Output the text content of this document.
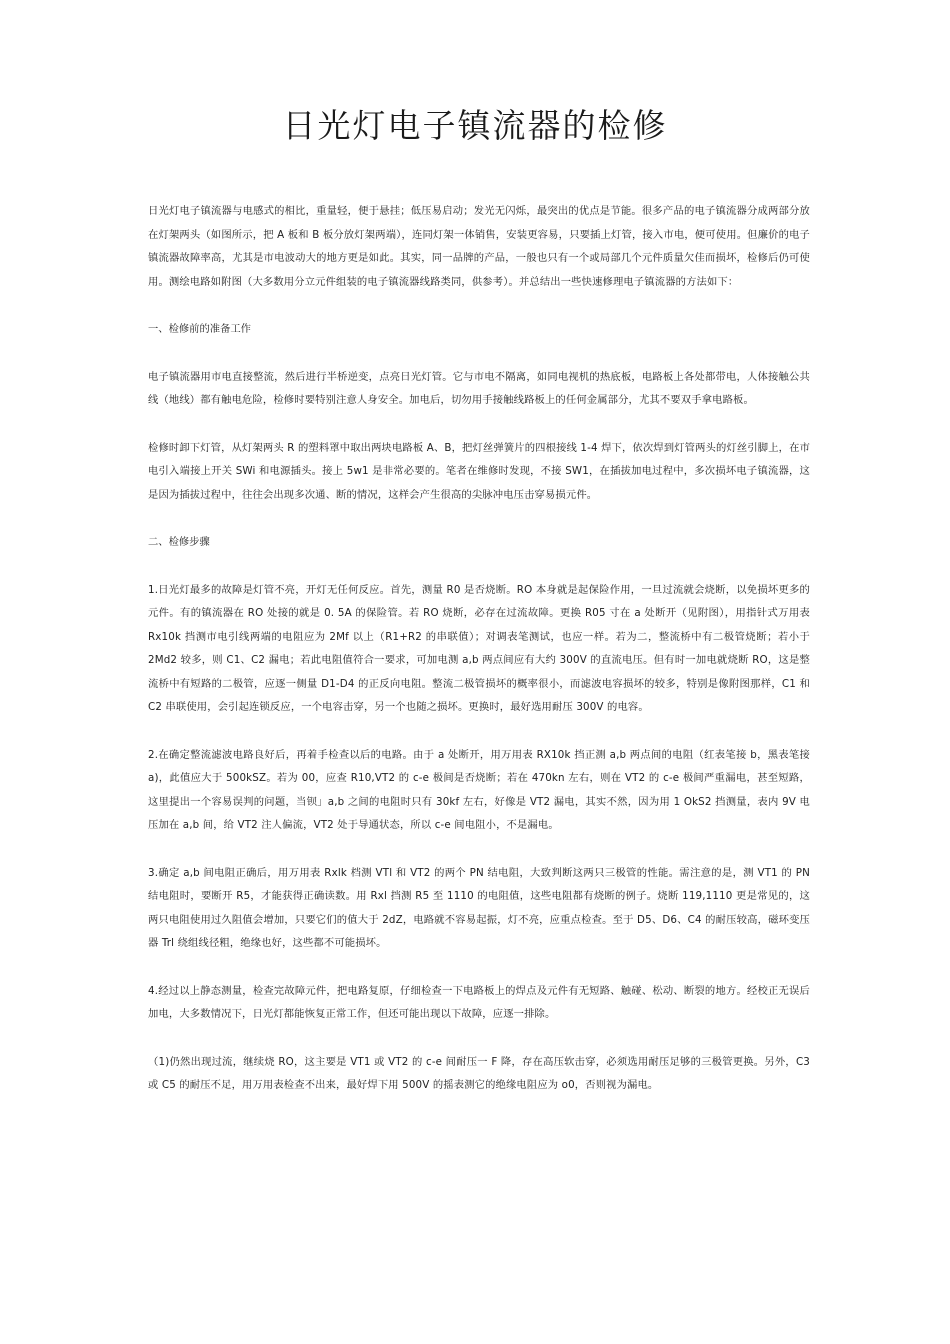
日光灯电子镇流器的检修

日光灯电子镇流器与电感式的相比，重量轻，便于悬挂；低压易启动；发光无闪烁，最突出的优点是节能。很多产品的电子镇流器分成两部分放在灯架两头（如图所示，把 A 板和 B 板分放灯架两端），连同灯架一体销售，安装更容易，只要插上灯管，接入市电，便可使用。但廉价的电子镇流器故障率高，尤其是市电波动大的地方更是如此。其实，同一品牌的产品，一般也只有一个或局部几个元件质量欠佳而损坏，检修后仍可使用。测绘电路如附图（大多数用分立元件组装的电子镇流器线路类同，供参考）。并总结出一些快速修理电子镇流器的方法如下：

一、检修前的准备工作

电子镇流器用市电直接整流，然后进行半桥逆变，点亮日光灯管。它与市电不隔离，如同电视机的热底板，电路板上各处都带电，人体接触公共线（地线）都有触电危险，检修时要特别注意人身安全。加电后，切勿用手接触线路板上的任何金属部分，尤其不要双手拿电路板。

检修时卸下灯管，从灯架两头 R 的塑料罩中取出两块电路板 A、B，把灯丝弹簧片的四根接线 1-4 焊下，依次焊到灯管两头的灯丝引脚上，在市电引入端接上开关 SWi 和电源插头。接上 5w1 是非常必要的。笔者在维修时发现，不接 SW1，在插拔加电过程中，多次损坏电子镇流器，这是因为插拔过程中，往往会出现多次通、断的情况，这样会产生很高的尖脉冲电压击穿易损元件。

二、检修步骤

1.日光灯最多的故障是灯管不亮，开灯无任何反应。首先，测量 R0 是否烧断。RO 本身就是起保险作用，一旦过流就会烧断，以免损坏更多的元件。有的镇流器在 RO 处接的就是 0. 5A 的保险管。若 RO 烧断，必存在过流故障。更换 R05 寸在 a 处断开（见附图），用指针式万用表 Rx10k 挡测市电引线两端的电阻应为 2Mf 以上（R1+R2 的串联值）；对调表笔测试，也应一样。若为二，整流桥中有二极管烧断；若小于 2Md2 较多，则 C1、C2 漏电；若此电阻值符合一要求，可加电测 a,b 两点间应有大约 300V 的直流电压。但有时一加电就烧断 RO，这是整流桥中有短路的二极管，应逐一侧量 D1-D4 的正反向电阻。整流二极管损坏的概率很小，而滤波电容损坏的较多，特别是像附图那样，C1 和 C2 串联使用，会引起连锁反应，一个电容击穿，另一个也随之损坏。更换时，最好选用耐压 300V 的电容。

2.在确定整流滤波电路良好后，再着手检查以后的电路。由于 a 处断开，用万用表 RX10k 挡正测 a,b 两点间的电阻（红表笔接 b，黑表笔接 a)，此值应大于 500kSZ。若为 00，应查 R10,VT2 的 c-e 极间是否烧断；若在 470kn 左右，则在 VT2 的 c-e 极间严重漏电，甚至短路，这里提出一个容易误判的问题，当钡」a,b 之间的电阻时只有 30kf 左右，好像是 VT2 漏电，其实不然，因为用 1 OkS2 挡测量，表内 9V 电压加在 a,b 间，给 VT2 注人偏流，VT2 处于导通状态，所以 c-e 间电阻小，不是漏电。

3.确定 a,b 间电阻正确后，用万用表 Rxlk 档测 VTl 和 VT2 的两个 PN 结电阻，大致判断这两只三极管的性能。需注意的是，测 VT1 的 PN 结电阻时，要断开 R5，才能获得正确读数。用 Rxl 挡测 R5 至 1110 的电阻值，这些电阻都有烧断的例子。烧断 119,1110 更是常见的，这两只电阻使用过久阻值会增加，只要它们的值大于 2dZ，电路就不容易起振，灯不亮，应重点检查。至于 D5、D6、C4 的耐压较高，磁环变压器 Trl 绕组线径粗，绝缘也好，这些都不可能损坏。

4.经过以上静态测量，检查完故障元件，把电路复原，仔细检查一下电路板上的焊点及元件有无短路、触碰、松动、断裂的地方。经校正无误后加电，大多数情况下，日光灯都能恢复正常工作，但还可能出现以下故障，应逐一排除。

（1)仍然出现过流，继续烧 RO，这主要是 VT1 或 VT2 的 c-e 间耐压一 F 降，存在高压软击穿，必须选用耐压足够的三极管更换。另外，C3 或 C5 的耐压不足，用万用表检查不出来，最好焊下用 500V 的摇表测它的绝缘电阻应为 o0，否则视为漏电。
